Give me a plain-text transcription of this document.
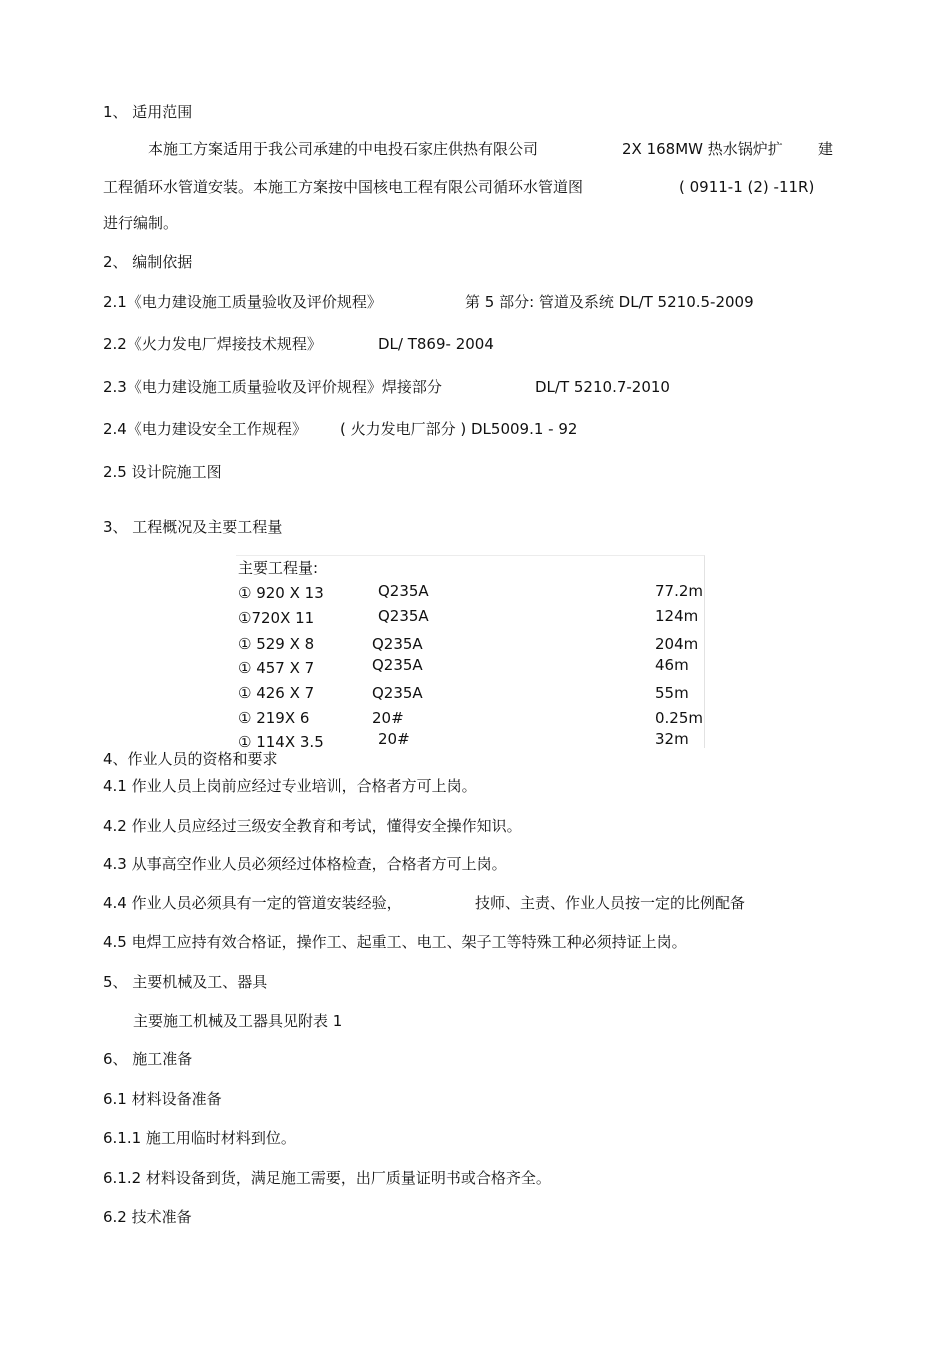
1、 适用范围
本施工方案适用于我公司承建的中电投石家庄供热有限公司	2X 168MW 热水锅炉扩 建
工程循环水管道安装。本施工方案按中国核电工程有限公司循环水管道图	( 0911-1 (2) -11R)
进行编制。
2、 编制依据
2.1《电力建设施工质量验收及评价规程》	第 5 部分: 管道及系统 DL/T 5210.5-2009
2.2《火力发电厂焊接技术规程》	DL/ T869- 2004
2.3《电力建设施工质量验收及评价规程》焊接部分	DL/T 5210.7-2010
2.4《电力建设安全工作规程》 ( 火力发电厂部分 ) DL5009.1 - 92
2.5 设计院施工图
3、 工程概况及主要工程量
主要工程量:
① 920 X 13	Q235A	77.2m
①720X 11	Q235A	124m
① 529 X 8	Q235A	204m
① 457 X 7	Q235A	46m
① 426 X 7	Q235A	55m
① 219X 6	20#	0.25m
① 114X 3.5	20#	32m
4、作业人员的资格和要求
4.1 作业人员上岗前应经过专业培训，合格者方可上岗。
4.2 作业人员应经过三级安全教育和考试，懂得安全操作知识。
4.3 从事高空作业人员必须经过体格检查，合格者方可上岗。
4.4 作业人员必须具有一定的管道安装经验，	技师、主责、作业人员按一定的比例配备
4.5 电焊工应持有效合格证，操作工、起重工、电工、架子工等特殊工种必须持证上岗。
5、 主要机械及工、器具
主要施工机械及工器具见附表 1
6、 施工准备
6.1 材料设备准备
6.1.1 施工用临时材料到位。
6.1.2 材料设备到货，满足施工需要，出厂质量证明书或合格齐全。
6.2 技术准备
